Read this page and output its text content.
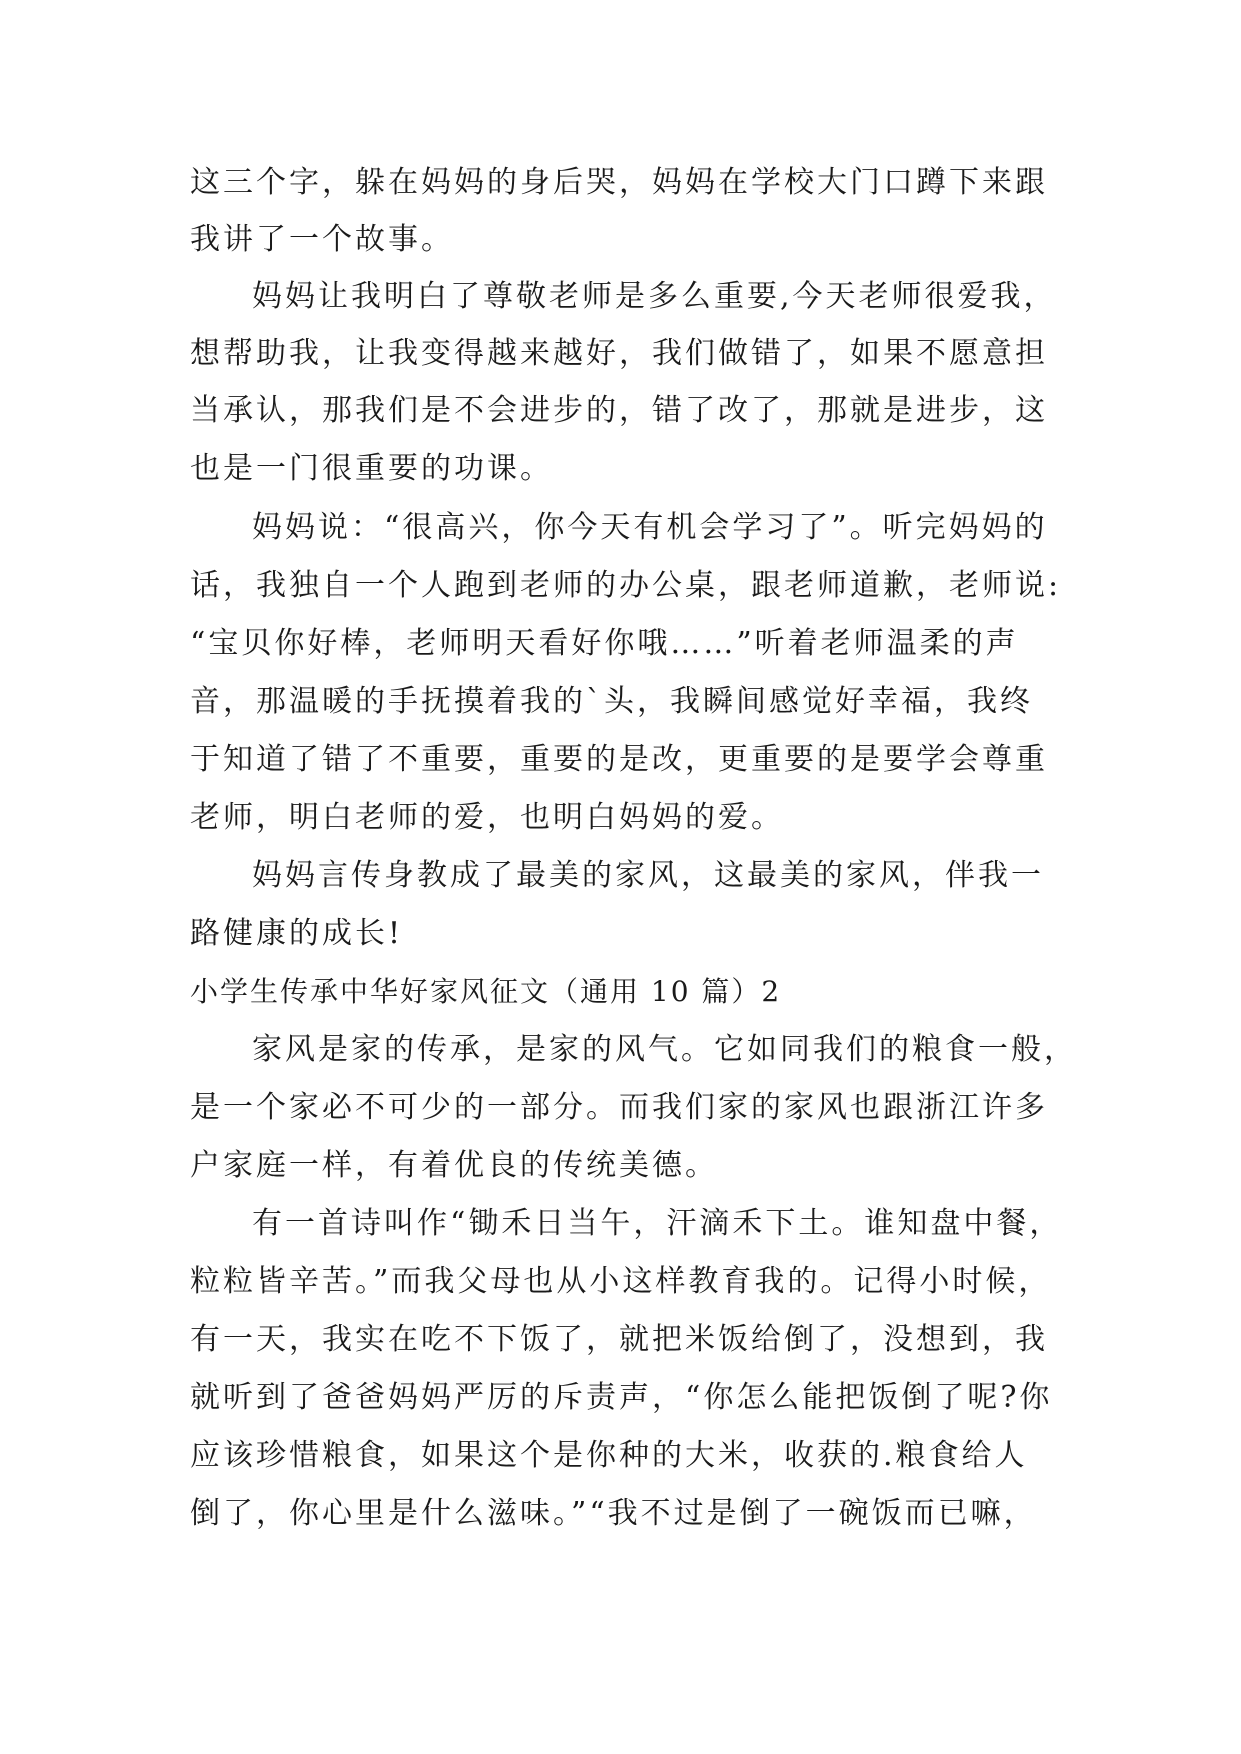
这三个字，躲在妈妈的身后哭，妈妈在学校大门口蹲下来跟
我讲了一个故事。
妈妈让我明白了尊敬老师是多么重要,今天老师很爱我，
想帮助我，让我变得越来越好，我们做错了，如果不愿意担
当承认，那我们是不会进步的，错了改了，那就是进步，这
也是一门很重要的功课。
妈妈说：“很高兴，你今天有机会学习了”。听完妈妈的
话，我独自一个人跑到老师的办公桌，跟老师道歉，老师说:
“宝贝你好棒，老师明天看好你哦……”听着老师温柔的声
音，那温暖的手抚摸着我的`头，我瞬间感觉好幸福，我终
于知道了错了不重要，重要的是改，更重要的是要学会尊重
老师，明白老师的爱，也明白妈妈的爱。
妈妈言传身教成了最美的家风，这最美的家风，伴我一
路健康的成长!
小学生传承中华好家风征文（通用 10 篇）2
家风是家的传承，是家的风气。它如同我们的粮食一般，
是一个家必不可少的一部分。而我们家的家风也跟浙江许多
户家庭一样，有着优良的传统美德。
有一首诗叫作“锄禾日当午，汗滴禾下土。谁知盘中餐，
粒粒皆辛苦。”而我父母也从小这样教育我的。记得小时候，
有一天，我实在吃不下饭了，就把米饭给倒了，没想到，我
就听到了爸爸妈妈严厉的斥责声，“你怎么能把饭倒了呢?你
应该珍惜粮食，如果这个是你种的大米，收获的.粮食给人
倒了，你心里是什么滋味。”“我不过是倒了一碗饭而已嘛，
